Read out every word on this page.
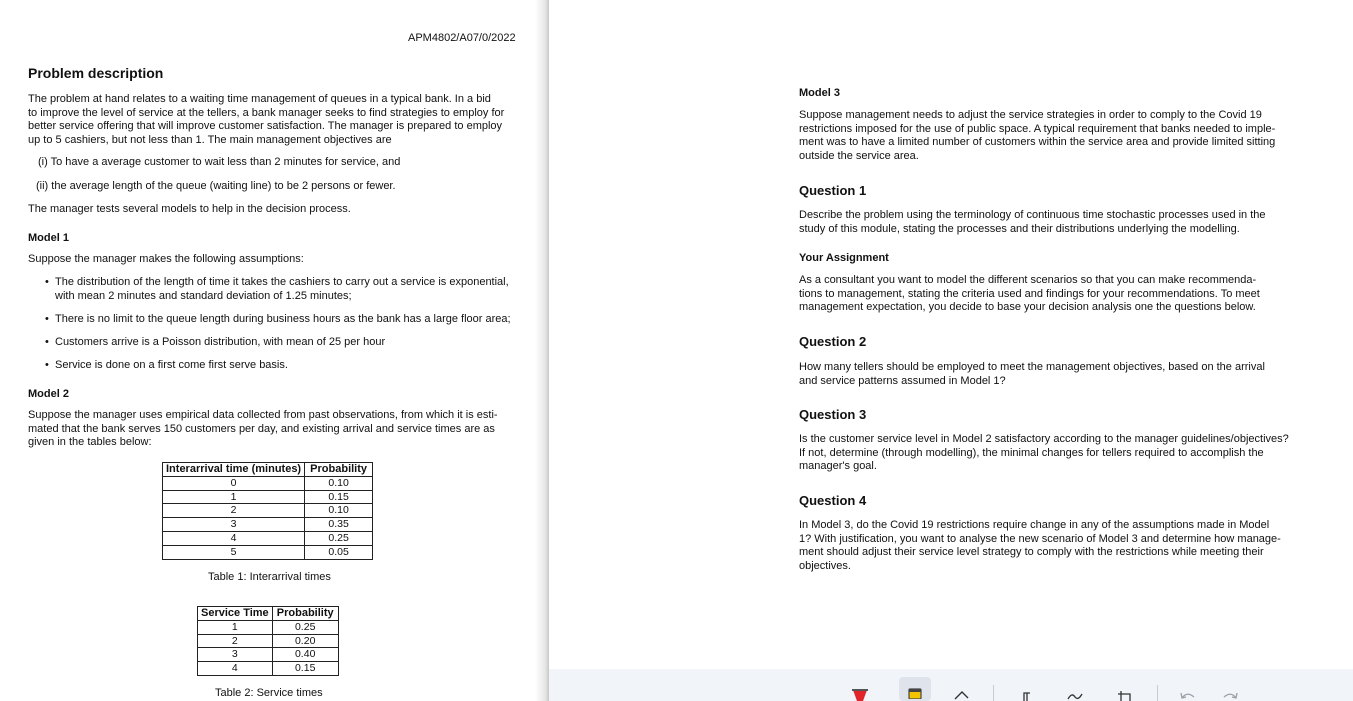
APM4802/A07/0/2022
Problem description
The problem at hand relates to a waiting time management of queues in a typical bank. In a bid
to improve the level of service at the tellers, a bank manager seeks to find strategies to employ for
better service offering that will improve customer satisfaction. The manager is prepared to employ
up to 5 cashiers, but not less than 1. The main management objectives are
(i) To have a average customer to wait less than 2 minutes for service, and
(ii) the average length of the queue (waiting line) to be 2 persons or fewer.
The manager tests several models to help in the decision process.
Model 1
Suppose the manager makes the following assumptions:
• The distribution of the length of time it takes the cashiers to carry out a service is exponential,
with mean 2 minutes and standard deviation of 1.25 minutes;
• There is no limit to the queue length during business hours as the bank has a large floor area;
• Customers arrive is a Poisson distribution, with mean of 25 per hour
• Service is done on a first come first serve basis.
Model 2
Suppose the manager uses empirical data collected from past observations, from which it is esti-
mated that the bank serves 150 customers per day, and existing arrival and service times are as
given in the tables below:
Interarrival time (minutes)	Probability
0	0.10
1	0.15
2	0.10
3	0.35
4	0.25
5	0.05
Table 1: Interarrival times
Service Time	Probability
1	0.25
2	0.20
3	0.40
4	0.15
Table 2: Service times
Model 3
Suppose management needs to adjust the service strategies in order to comply to the Covid 19
restrictions imposed for the use of public space. A typical requirement that banks needed to imple-
ment was to have a limited number of customers within the service area and provide limited sitting
outside the service area.
Question 1
Describe the problem using the terminology of continuous time stochastic processes used in the
study of this module, stating the processes and their distributions underlying the modelling.
Your Assignment
As a consultant you want to model the different scenarios so that you can make recommenda-
tions to management, stating the criteria used and findings for your recommendations. To meet
management expectation, you decide to base your decision analysis one the questions below.
Question 2
How many tellers should be employed to meet the management objectives, based on the arrival
and service patterns assumed in Model 1?
Question 3
Is the customer service level in Model 2 satisfactory according to the manager guidelines/objectives?
If not, determine (through modelling), the minimal changes for tellers required to accomplish the
manager's goal.
Question 4
In Model 3, do the Covid 19 restrictions require change in any of the assumptions made in Model
1? With justification, you want to analyse the new scenario of Model 3 and determine how manage-
ment should adjust their service level strategy to comply with the restrictions while meeting their
objectives.
